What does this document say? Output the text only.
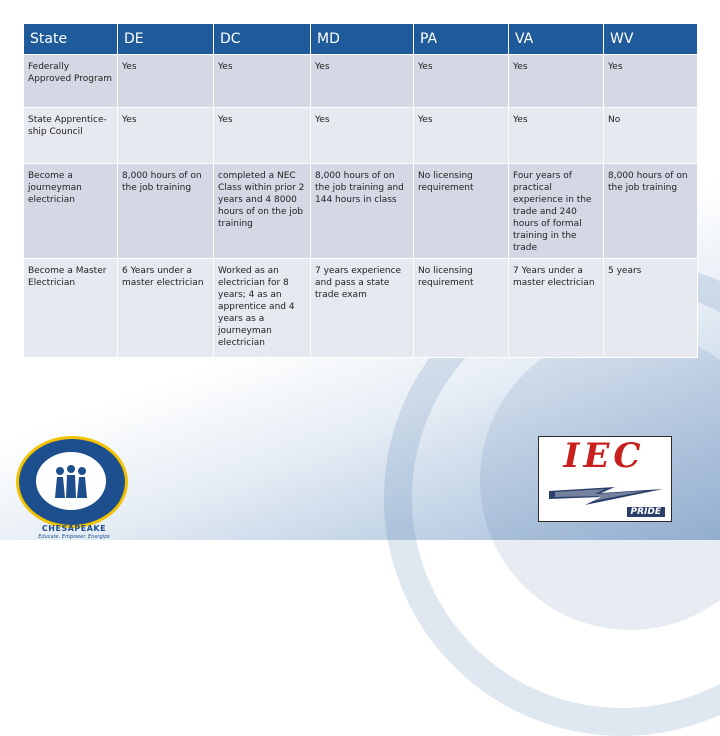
State	DE	DC	MD	PA	VA	WV
Federally Approved Program	Yes	Yes	Yes	Yes	Yes	Yes
State Apprentice-ship Council	Yes	Yes	Yes	Yes	Yes	No
Become a journeyman electrician	8,000 hours of on the job training	completed a NEC Class within prior 2 years and 4 8000 hours of on the job training	8,000 hours of on the job training and 144 hours in class	No licensing requirement	Four years of practical experience in the trade and 240 hours of formal training in the trade	8,000 hours of on the job training
Become a Master Electrician	6 Years under a master electrician	Worked as an electrician for 8 years; 4 as an apprentice and 4 years as a journeyman electrician	7 years experience and pass a state trade exam	No licensing requirement	7 Years under a master electrician	5 years
CHESAPEAKE
Educate. Empower. Energize
IEC
PRIDE
